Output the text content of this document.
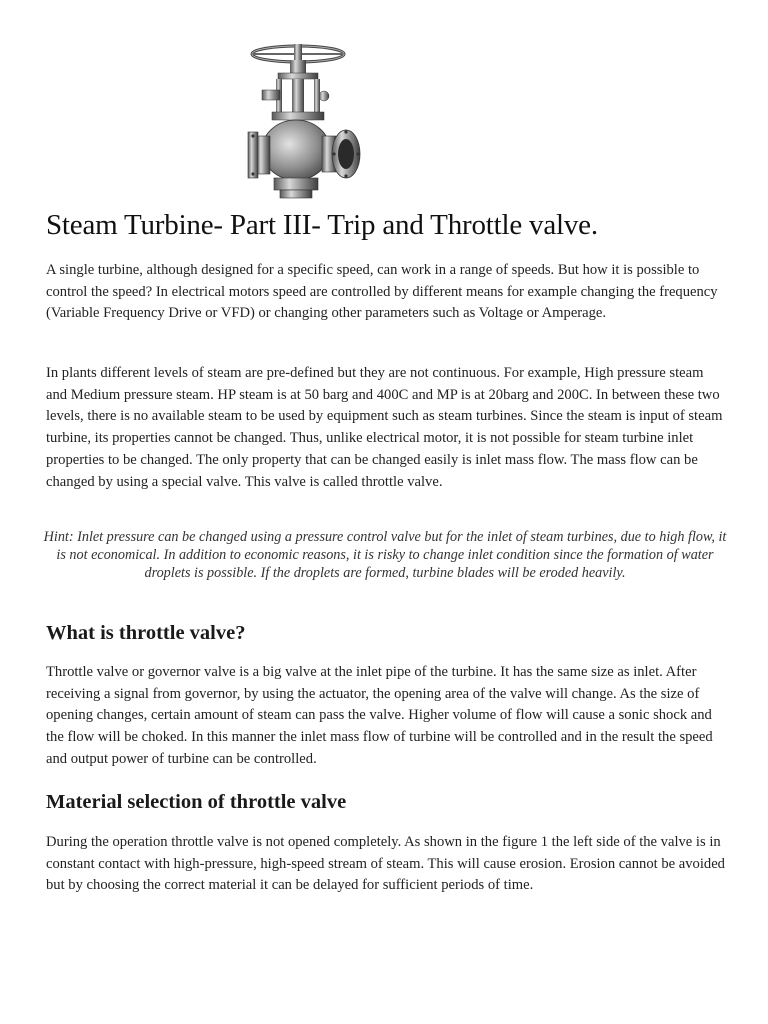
Steam Turbine- Part III- Trip and Throttle valve.

A single turbine, although designed for a specific speed, can work in a range of speeds. But how it is possible to control the speed? In electrical motors speed are controlled by different means for example changing the frequency (Variable Frequency Drive or VFD) or changing other parameters such as Voltage or Amperage.

In plants different levels of steam are pre-defined but they are not continuous. For example, High pressure steam and Medium pressure steam. HP steam is at 50 barg and 400C and MP is at 20barg and 200C. In between these two levels, there is no available steam to be used by equipment such as steam turbines. Since the steam is input of steam turbine, its properties cannot be changed. Thus, unlike electrical motor, it is not possible for steam turbine inlet properties to be changed. The only property that can be changed easily is inlet mass flow. The mass flow can be changed by using a special valve. This valve is called throttle valve.

Hint: Inlet pressure can be changed using a pressure control valve but for the inlet of steam turbines, due to high flow, it is not economical. In addition to economic reasons, it is risky to change inlet condition since the formation of water droplets is possible. If the droplets are formed, turbine blades will be eroded heavily.

What is throttle valve?

Throttle valve or governor valve is a big valve at the inlet pipe of the turbine. It has the same size as inlet. After receiving a signal from governor, by using the actuator, the opening area of the valve will change. As the size of opening changes, certain amount of steam can pass the valve. Higher volume of flow will cause a sonic shock and the flow will be choked. In this manner the inlet mass flow of turbine will be controlled and in the result the speed and output power of turbine can be controlled.

Material selection of throttle valve

During the operation throttle valve is not opened completely. As shown in the figure 1 the left side of the valve is in constant contact with high-pressure, high-speed stream of steam. This will cause erosion. Erosion cannot be avoided but by choosing the correct material it can be delayed for sufficient periods of time.
